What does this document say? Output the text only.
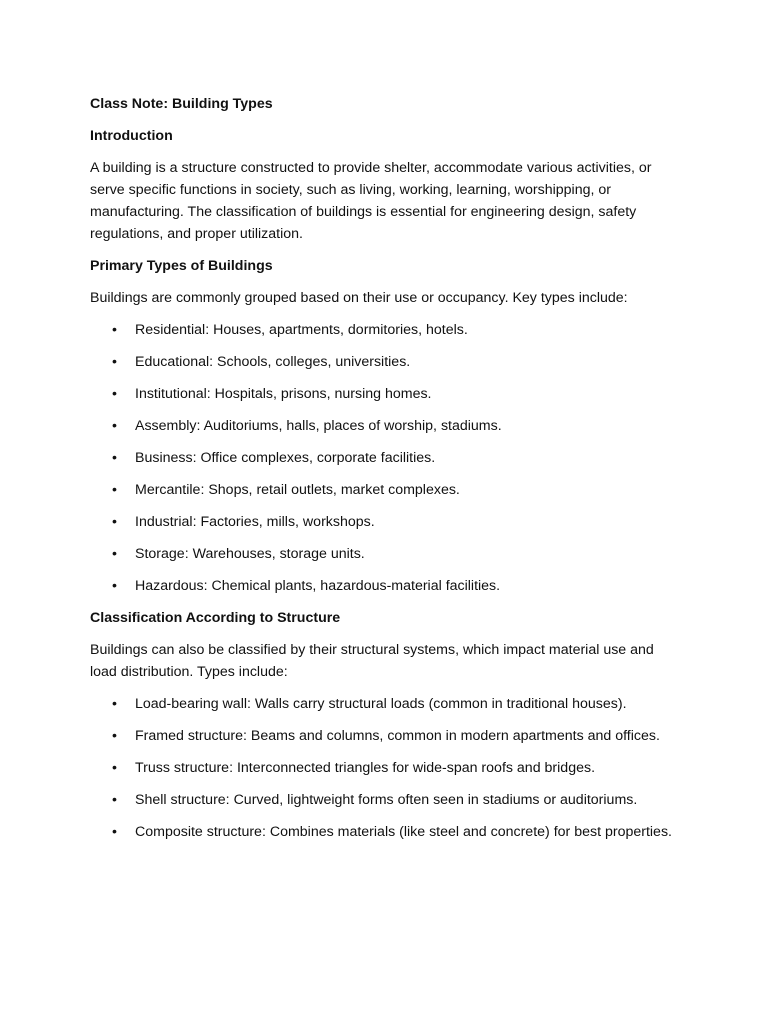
Class Note: Building Types

Introduction

A building is a structure constructed to provide shelter, accommodate various activities, or serve specific functions in society, such as living, working, learning, worshipping, or manufacturing. The classification of buildings is essential for engineering design, safety regulations, and proper utilization.

Primary Types of Buildings

Buildings are commonly grouped based on their use or occupancy. Key types include:

• Residential: Houses, apartments, dormitories, hotels.
• Educational: Schools, colleges, universities.
• Institutional: Hospitals, prisons, nursing homes.
• Assembly: Auditoriums, halls, places of worship, stadiums.
• Business: Office complexes, corporate facilities.
• Mercantile: Shops, retail outlets, market complexes.
• Industrial: Factories, mills, workshops.
• Storage: Warehouses, storage units.
• Hazardous: Chemical plants, hazardous-material facilities.

Classification According to Structure

Buildings can also be classified by their structural systems, which impact material use and load distribution. Types include:

• Load-bearing wall: Walls carry structural loads (common in traditional houses).
• Framed structure: Beams and columns, common in modern apartments and offices.
• Truss structure: Interconnected triangles for wide-span roofs and bridges.
• Shell structure: Curved, lightweight forms often seen in stadiums or auditoriums.
• Composite structure: Combines materials (like steel and concrete) for best properties.
